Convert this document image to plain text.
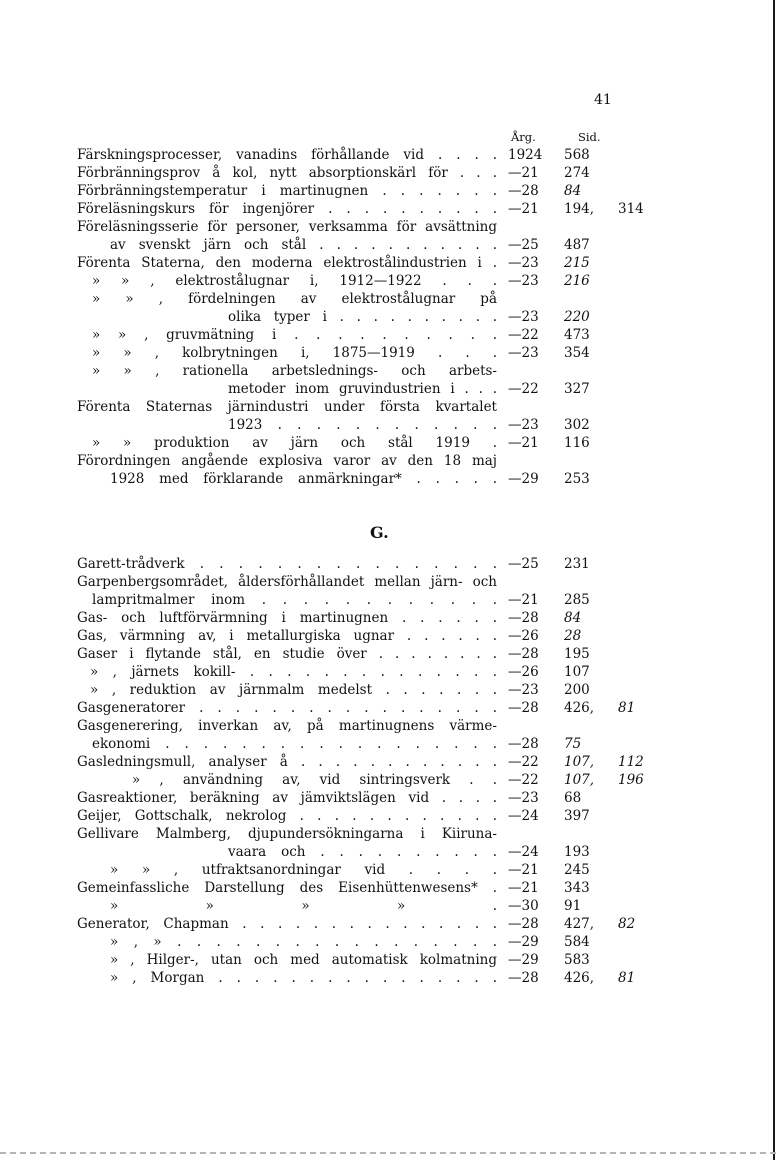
41
Årg.	Sid.
Färskningsprocesser, vanadins förhållande vid . . . . 1924 568
Förbränningsprov å kol, nytt absorptionskärl för . . . —21 274
Förbränningstemperatur i martinugnen . . . . . . . —28 84
Föreläsningskurs för ingenjörer . . . . . . . . . . —21 194, 314
Föreläsningsserie för personer, verksamma för avsättning
av svenskt järn och stål . . . . . . . . . . . —25 487
Förenta Staterna, den moderna elektrostålindustrien i . —23 215
» » , elektrostålugnar i, 1912—1922 . . . —23 216
» » , fördelningen av elektrostålugnar på
olika typer i . . . . . . . . . . —23 220
» » , gruvmätning i . . . . . . . . . . —22 473
» » , kolbrytningen i, 1875—1919 . . . —23 354
» » , rationella arbetslednings- och arbets-
metoder inom gruvindustrien i . . . —22 327
Förenta Staternas järnindustri under första kvartalet
1923 . . . . . . . . . . . . —23 302
» » produktion av järn och stål 1919 . —21 116
Förordningen angående explosiva varor av den 18 maj
1928 med förklarande anmärkningar* . . . . . —29 253
G.
Garett-trådverk . . . . . . . . . . . . . . . . —25 231
Garpenbergsområdet, åldersförhållandet mellan järn- och
lampritmalmer inom . . . . . . . . . . . . —21 285
Gas- och luftförvärmning i martinugnen . . . . . . —28 84
Gas, värmning av, i metallurgiska ugnar . . . . . . —26 28
Gaser i flytande stål, en studie över . . . . . . . . —28 195
» , järnets kokill- . . . . . . . . . . . . . . —26 107
» , reduktion av järnmalm medelst . . . . . . . —23 200
Gasgeneratorer . . . . . . . . . . . . . . . . . —28 426, 81
Gasgenerering, inverkan av, på martinugnens värme-
ekonomi . . . . . . . . . . . . . . . . . . —28 75
Gasledningsmull, analyser å . . . . . . . . . . . . —22 107, 112
» , användning av, vid sintringsverk . . —22 107, 196
Gasreaktioner, beräkning av jämviktslägen vid . . . . —23 68
Geijer, Gottschalk, nekrolog . . . . . . . . . . . . —24 397
Gellivare Malmberg, djupundersökningarna i Kiiruna-
vaara och . . . . . . . . . . —24 193
» » , utfraktsanordningar vid . . . . —21 245
Gemeinfassliche Darstellung des Eisenhüttenwesens* . —21 343
» » » » . —30 91
Generator, Chapman . . . . . . . . . . . . . . . —28 427, 82
» , » . . . . . . . . . . . . . . . . . —29 584
» , Hilger-, utan och med automatisk kolmatning —29 583
» , Morgan . . . . . . . . . . . . . . . . —28 426, 81
